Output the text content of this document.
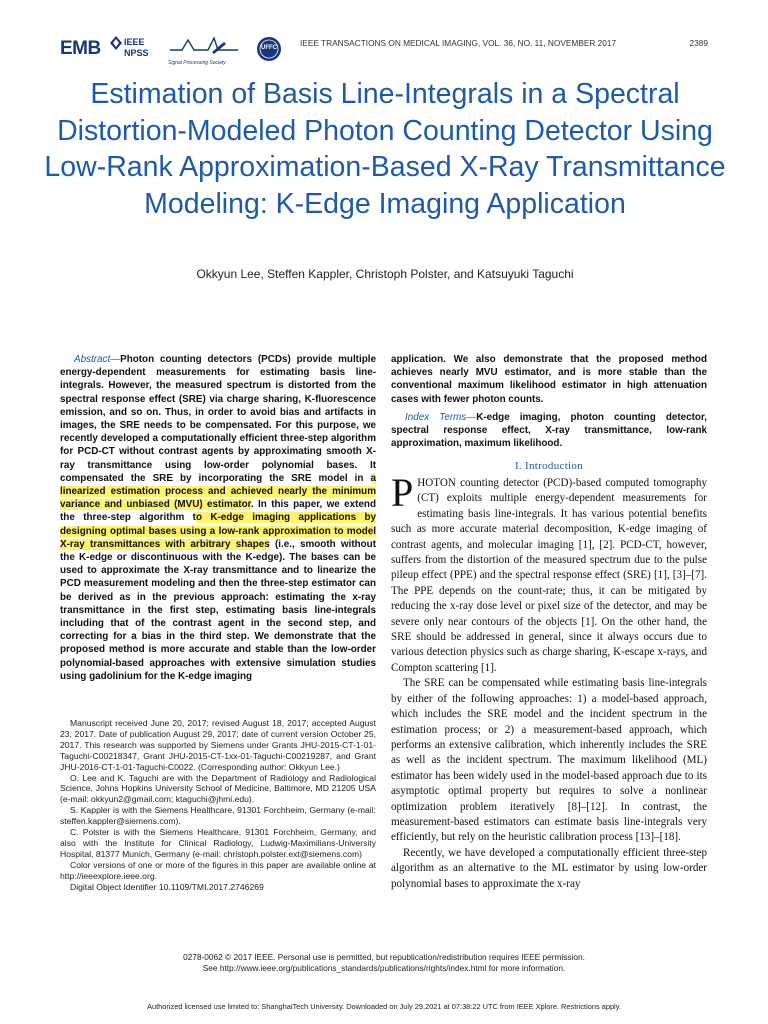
EMB	IEEE NPSS
Signal Processing Society
UFFC	IEEE TRANSACTIONS ON MEDICAL IMAGING, VOL. 36, NO. 11, NOVEMBER 2017	2389
Estimation of Basis Line-Integrals in a Spectral Distortion-Modeled Photon Counting Detector Using Low-Rank Approximation-Based X-Ray Transmittance Modeling: K-Edge Imaging Application
Okkyun Lee, Steffen Kappler, Christoph Polster, and Katsuyuki Taguchi
Abstract—Photon counting detectors (PCDs) provide multiple energy-dependent measurements for estimating basis line-integrals. However, the measured spectrum is distorted from the spectral response effect (SRE) via charge sharing, K-fluorescence emission, and so on. Thus, in order to avoid bias and artifacts in images, the SRE needs to be compensated. For this purpose, we recently developed a computationally efficient three-step algorithm for PCD-CT without contrast agents by approximating smooth X-ray transmittance using low-order polynomial bases. It compensated the SRE by incorporating the SRE model in a linearized estimation process and achieved nearly the minimum variance and unbiased (MVU) estimator. In this paper, we extend the three-step algorithm to K-edge imaging applications by designing optimal bases using a low-rank approximation to model X-ray transmittances with arbitrary shapes (i.e., smooth without the K-edge or discontinuous with the K-edge). The bases can be used to approximate the X-ray transmittance and to linearize the PCD measurement modeling and then the three-step estimator can be derived as in the previous approach: estimating the x-ray transmittance in the first step, estimating basis line-integrals including that of the contrast agent in the second step, and correcting for a bias in the third step. We demonstrate that the proposed method is more accurate and stable than the low-order polynomial-based approaches with extensive simulation studies using gadolinium for the K-edge imaging

Manuscript received June 20, 2017; revised August 18, 2017; accepted August 23, 2017. Date of publication August 29, 2017; date of current version October 25, 2017. This research was supported by Siemens under Grants JHU-2015-CT-1-01-Taguchi-C00218347, Grant JHU-2015-CT-1xx-01-Taguchi-C00219287, and Grant JHU-2016-CT-1-01-Taguchi-C0022. (Corresponding author: Okkyun Lee.)

O. Lee and K. Taguchi are with the Department of Radiology and Radiological Science, Johns Hopkins University School of Medicine, Baltimore, MD 21205 USA (e-mail: okkyun2@gmail.com; ktaguchi@jhmi.edu).

S. Kappler is with the Siemens Healthcare, 91301 Forchheim, Germany (e-mail: steffen.kappler@siemens.com).

C. Polster is with the Siemens Healthcare, 91301 Forchheim, Germany, and also with the Institute for Clinical Radiology, Ludwig-Maximilians-University Hospital, 81377 Munich, Germany (e-mail: christoph.polster.ext@siemens.com)

Color versions of one or more of the figures in this paper are available online at http://ieeexplore.ieee.org.

Digital Object Identifier 10.1109/TMI.2017.2746269

application. We also demonstrate that the proposed method achieves nearly MVU estimator, and is more stable than the conventional maximum likelihood estimator in high attenuation cases with fewer photon counts.
Index Terms—K-edge imaging, photon counting detector, spectral response effect, X-ray transmittance, low-rank approximation, maximum likelihood.
I. Introduction

PHOTON counting detector (PCD)-based computed tomography (CT) exploits multiple energy-dependent measurements for estimating basis line-integrals. It has various potential benefits such as more accurate material decomposition, K-edge imaging of contrast agents, and molecular imaging [1], [2]. PCD-CT, however, suffers from the distortion of the measured spectrum due to the pulse pileup effect (PPE) and the spectral response effect (SRE) [1], [3]–[7]. The PPE depends on the count-rate; thus, it can be mitigated by reducing the x-ray dose level or pixel size of the detector, and may be severe only near contours of the objects [1]. On the other hand, the SRE should be addressed in general, since it always occurs due to various detection physics such as charge sharing, K-escape x-rays, and Compton scattering [1].

The SRE can be compensated while estimating basis line-integrals by either of the following approaches: 1) a model-based approach, which includes the SRE model and the incident spectrum in the estimation process; or 2) a measurement-based approach, which performs an extensive calibration, which inherently includes the SRE as well as the incident spectrum. The maximum likelihood (ML) estimator has been widely used in the model-based approach due to its asymptotic optimal property but requires to solve a nonlinear optimization problem iteratively [8]–[12]. In contrast, the measurement-based estimators can estimate basis line-integrals very efficiently, but rely on the heuristic calibration process [13]–[18].

Recently, we have developed a computationally efficient three-step algorithm as an alternative to the ML estimator by using low-order polynomial bases to approximate the x-ray

0278-0062 © 2017 IEEE. Personal use is permitted, but republication/redistribution requires IEEE permission.
See http://www.ieee.org/publications_standards/publications/rights/index.html for more information.
Authorized licensed use limited to: ShanghaiTech University. Downloaded on July 29,2021 at 07:38:22 UTC from IEEE Xplore. Restrictions apply.
